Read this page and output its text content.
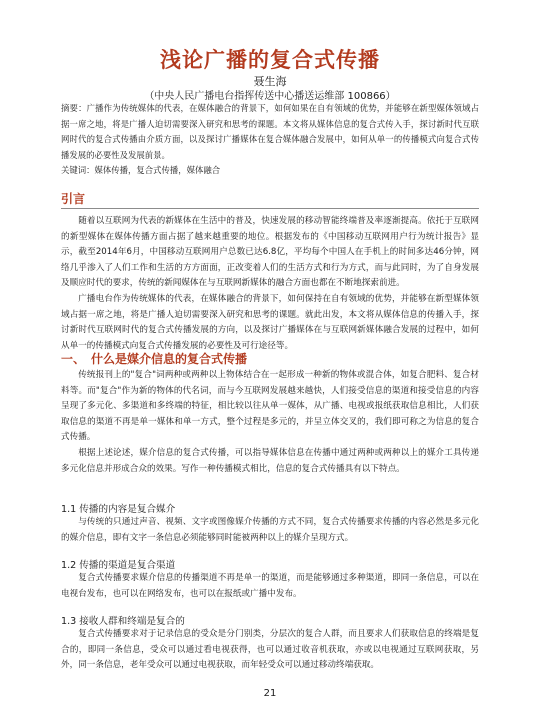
浅论广播的复合式传播
聂生海
（中央人民广播电台指挥传送中心播送运维部 100866）
摘要：广播作为传统媒体的代表，在媒体融合的背景下，如何如果在自有领域的优势，并能够在新型媒体领域占据一席之地，将是广播人迫切需要深入研究和思考的课题。本文将从媒体信息的复合式传入手，探讨新时代互联网时代的复合式传播由介质方面，以及探讨广播媒体在复合媒体融合发展中，如何从单一的传播模式向复合式传播发展的必要性及发展前景。
关键词：媒体传播，复合式传播，媒体融合
引言
随着以互联网为代表的新媒体在生活中的普及，快速发展的移动智能终端普及率逐渐提高。依托于互联网的新型媒体在媒体传播方面占据了越来越重要的地位。根据发布的《中国移动互联网用户行为统计报告》显示，截至2014年6月，中国移动互联网用户总数已达6.8亿，平均每个中国人在手机上的时间多达46分钟，网络几乎渗入了人们工作和生活的方方面面，正改变着人们的生活方式和行为方式，而与此同时，为了自身发展及顺应时代的要求，传统的新闻媒体在与互联网新媒体的融合方面也都在不断地探索前进。
广播电台作为传统媒体的代表，在媒体融合的背景下，如何保持在自有领域的优势，并能够在新型媒体领域占据一席之地，将是广播人迫切需要深入研究和思考的课题。就此出发，本文将从媒体信息的传播入手，探讨新时代互联网时代的复合式传播发展的方向，以及探讨广播媒体在与互联网新媒体融合发展的过程中，如何从单一的传播模式向复合式传播发展的必要性及可行途径等。
一、 什么是媒介信息的复合式传播
传统报刊上的"复合"词两种或两种以上物体结合在一起形成一种新的物体或混合体，如复合肥料、复合材料等。而"复合"作为新的物体的代名词，而与今互联网发展越来越快，人们接受信息的渠道和接受信息的内容呈现了多元化、多渠道和多终端的特征，相比较以往从单一媒体，从广播、电视或报纸获取信息相比，人们获取信息的渠道不再是单一媒体和单一方式，整个过程是多元的，并呈立体交叉的，我们即可称之为信息的复合式传播。
根据上述论述，媒介信息的复合式传播，可以指导媒体信息在传播中通过两种或两种以上的媒介工具传递多元化信息并形成合众的效果。写作一种传播模式相比，信息的复合式传播具有以下特点。
1.1 传播的内容是复合媒介
与传统的只通过声音、视频、文字或图像媒介传播的方式不同，复合式传播要求传播的内容必然是多元化的媒介信息，即有文字一条信息必须能够同时能被两种以上的媒介呈现方式。
1.2 传播的渠道是复合渠道
复合式传播要求媒介信息的传播渠道不再是单一的渠道，而是能够通过多种渠道，即同一条信息，可以在电视台发布，也可以在网络发布，也可以在报纸或广播中发布。
1.3 接收人群和终端是复合的
复合式传播要求对于记录信息的受众是分门别类，分层次的复合人群，而且要求人们获取信息的终端是复合的，即同一条信息，受众可以通过看电视获得，也可以通过收音机获取，亦或以电视通过互联网获取，另外，同一条信息，老年受众可以通过电视获取，而年轻受众可以通过移动终端获取。
21
